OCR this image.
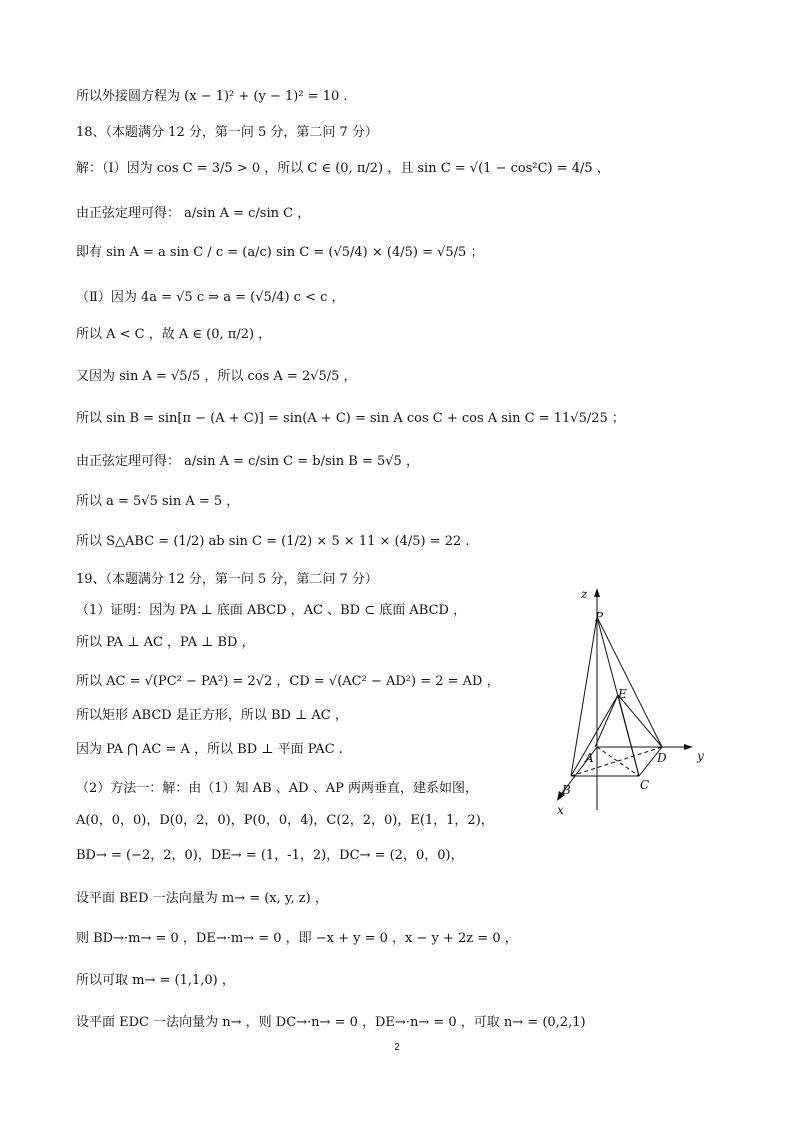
所以外接圆方程为 (x − 1)² + (y − 1)² = 10 .
18、（本题满分 12 分，第一问 5 分，第二问 7 分）
解：（Ⅰ）因为 cos C = 3/5 > 0 ，所以 C ∈ (0, π/2) ，且 sin C = √(1 − cos²C) = 4/5 ，
由正弦定理可得： a/sin A = c/sin C ，
即有 sin A = a sin C / c = (a/c) sin C = (√5/4) × (4/5) = √5/5 ；
（Ⅱ）因为 4a = √5 c ⇒ a = (√5/4) c < c ，
所以 A < C ，故 A ∈ (0, π/2) ，
又因为 sin A = √5/5 ，所以 cos A = 2√5/5 ，
所以 sin B = sin[π − (A + C)] = sin(A + C) = sin A cos C + cos A sin C = 11√5/25 ；
由正弦定理可得： a/sin A = c/sin C = b/sin B = 5√5 ，
所以 a = 5√5 sin A = 5 ，
所以 S△ABC = (1/2) ab sin C = (1/2) × 5 × 11 × (4/5) = 22 .
19、（本题满分 12 分，第一问 5 分，第二问 7 分）
（1）证明：因为 PA ⊥ 底面 ABCD ，AC 、BD ⊂ 底面 ABCD ，
所以 PA ⊥ AC ，PA ⊥ BD ，
所以 AC = √(PC² − PA²) = 2√2 ，CD = √(AC² − AD²) = 2 = AD ，
所以矩形 ABCD 是正方形，所以 BD ⊥ AC ，
因为 PA ⋂ AC = A ，所以 BD ⊥ 平面 PAC .
（2）方法一：解：由（1）知 AB 、AD 、AP 两两垂直，建系如图，
A(0，0，0)，D(0，2，0)，P(0，0，4)，C(2，2，0)，E(1，1，2)，
BD→ = (−2，2，0)，DE→ = (1，-1，2)，DC→ = (2，0，0)，
设平面 BED 一法向量为 m→ = (x, y, z) ，
则 BD→·m→ = 0 ，DE→·m→ = 0 ，即 −x + y = 0 ，x − y + 2z = 0 ，
所以可取 m→ = (1,1,0) ，
设平面 EDC 一法向量为 n→ ，则 DC→·n→ = 0 ，DE→·n→ = 0 ，可取 n→ = (0,2,1)
z
y
x
P
E
A
B	C
D
2
